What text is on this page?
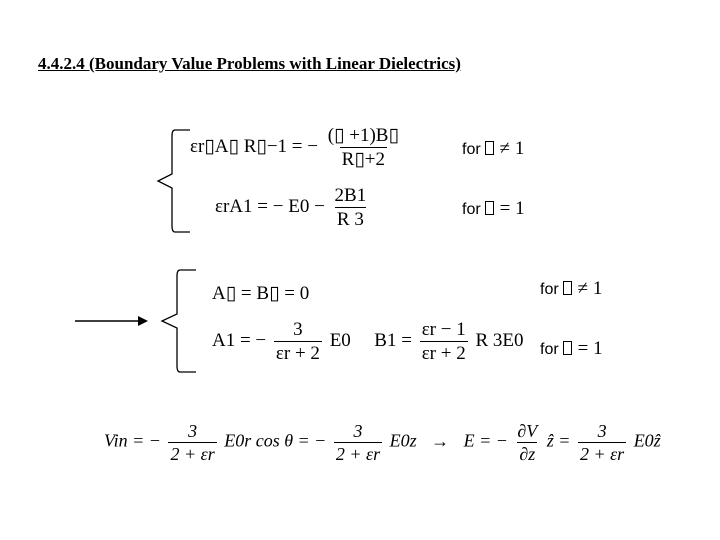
4.4.2.4 (Boundary Value Problems with Linear Dielectrics)
εr▯A▯ R▯−1 = − $\frac{(▯ +1)B▯}{R▯+2}$	for ≠ 1
εrA1 = − $E0 - \frac{2B1}{R 3}$	for = 1
A▯ = B▯ = 0	for ≠ 1
A1 = − $\frac{3}{\varepsilon r + 2} E0$ $B1 = \frac{\varepsilon r - 1}{\varepsilon r + 2}$ R 3E0 for = 1
Vin = − $\frac{3}{2 + \varepsilon r} E0r$ cos θ = − $\frac{3}{2 + \varepsilon r} E0z \to E$ = − $\frac{\partial V}{\partial z}$ ẑ = $\frac{3}{2 + \varepsilon r}$ E0ẑ
